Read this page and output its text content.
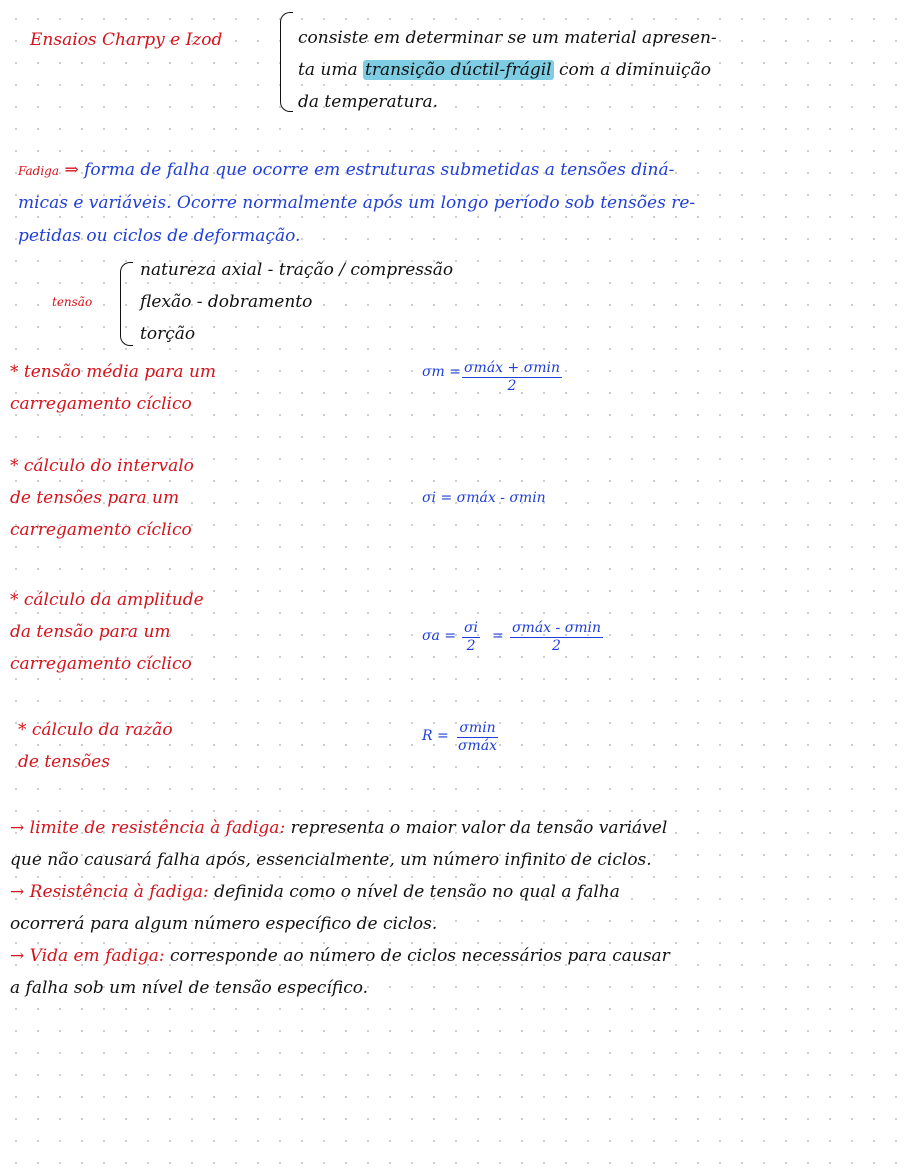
Ensaios Charpy e Izod	consiste em determinar se um material apresen-
ta uma transição dúctil-frágil com a diminuição
da temperatura.
Fadiga ⇒ forma de falha que ocorre em estruturas submetidas a tensões diná-
micas e variáveis. Ocorre normalmente após um longo período sob tensões re-
petidas ou ciclos de deformação.
tensão
natureza axial - tração / compressão
flexão - dobramento
torção
* tensão média para um
carregamento cíclico
σm = σmáx + σmin
2
* cálculo do intervalo
de tensões para um
carregamento cíclico
σi = σmáx - σmin
* cálculo da amplitude
da tensão para um
carregamento cíclico
$\sigma a = \frac{\sigma i}{2}$ = σmáx - σmin
2
* cálculo da razão
de tensões
R = σmin
σmáx
→ limite de resistência à fadiga: representa o maior valor da tensão variável
que não causará falha após, essencialmente, um número infinito de ciclos.
→ Resistência à fadiga: definida como o nível de tensão no qual a falha
ocorrerá para algum número específico de ciclos.
→ Vida em fadiga: corresponde ao número de ciclos necessários para causar
a falha sob um nível de tensão específico.
